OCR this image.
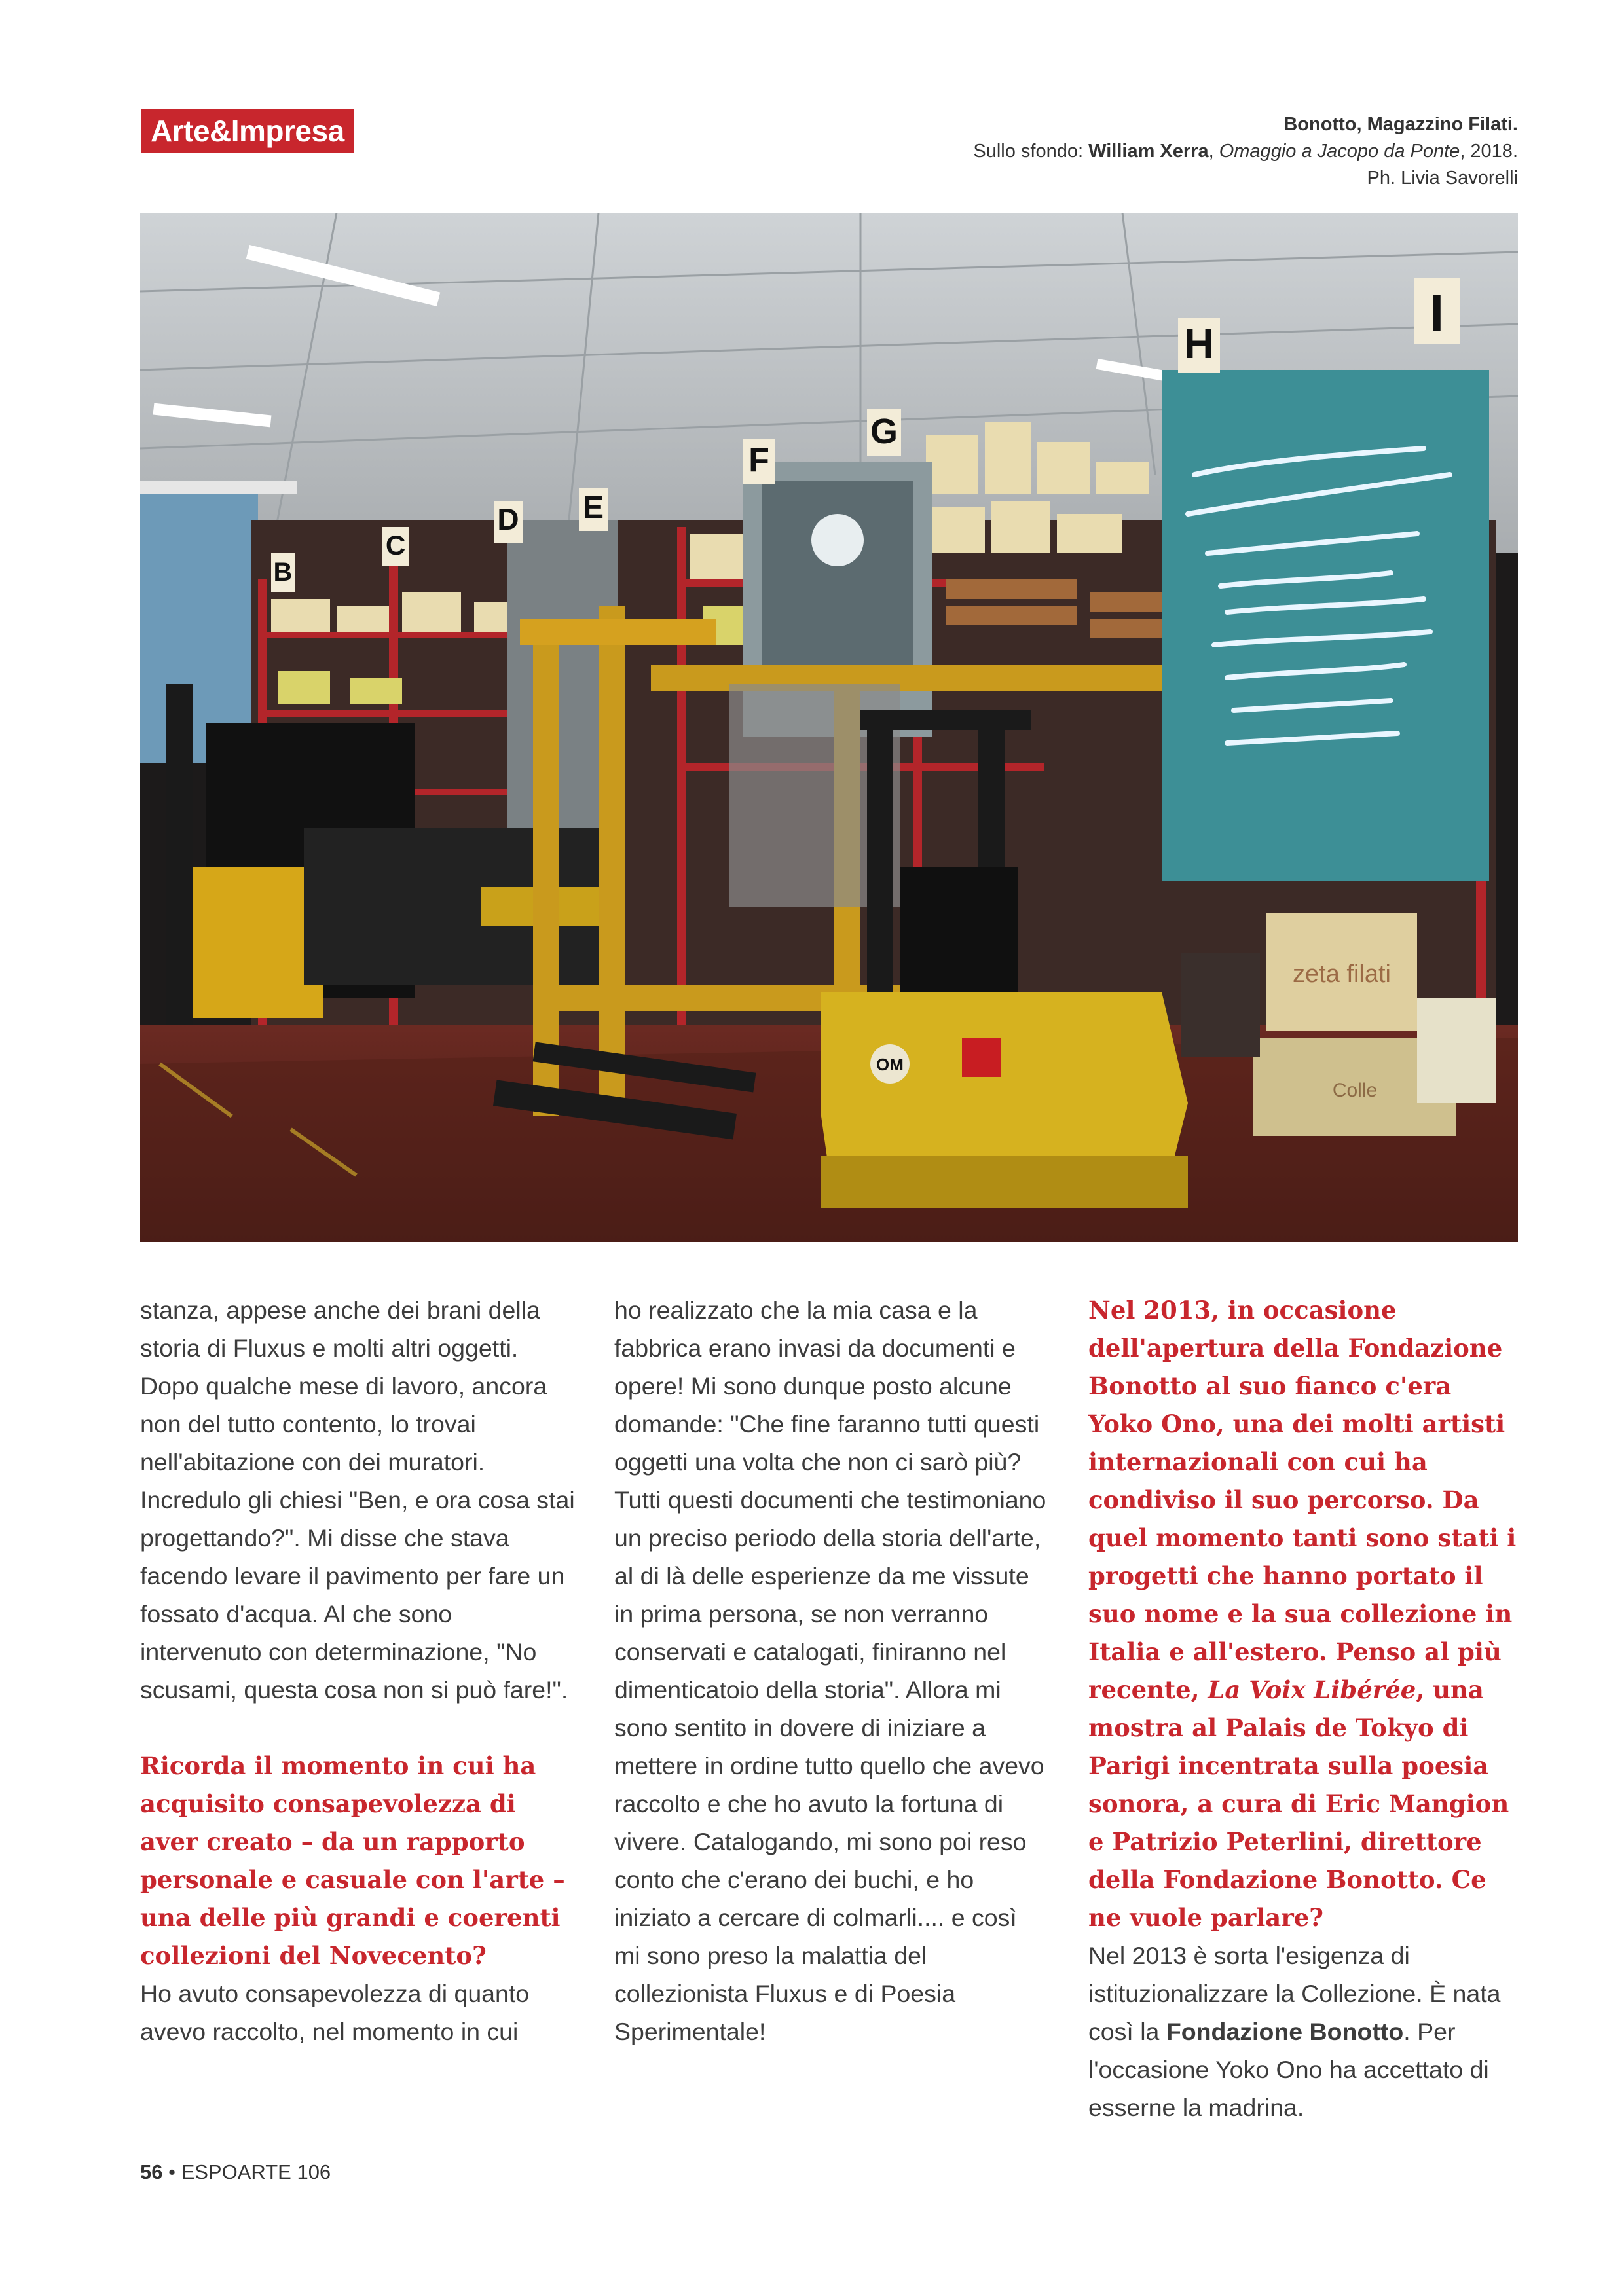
Arte&Impresa	Bonotto, Magazzino Filati.
Sullo sfondo: William Xerra, Omaggio a Jacopo da Ponte, 2018.
Ph. Livia Savorelli
B
C
D E
F
G
H
I
OM
zeta filati
Colle

stanza, appese anche dei brani della storia di Fluxus e molti altri oggetti. Dopo qualche mese di lavoro, ancora non del tutto contento, lo trovai nell'abitazione con dei muratori. Incredulo gli chiesi "Ben, e ora cosa stai progettando?". Mi disse che stava facendo levare il pavimento per fare un fossato d'acqua. Al che sono intervenuto con determinazione, "No scusami, questa cosa non si può fare!".

Ricorda il momento in cui ha acquisito consapevolezza di aver creato – da un rapporto personale e casuale con l'arte – una delle più grandi e coerenti collezioni del Novecento?

Ho avuto consapevolezza di quanto avevo raccolto, nel momento in cui

ho realizzato che la mia casa e la fabbrica erano invasi da documenti e opere! Mi sono dunque posto alcune domande: "Che fine faranno tutti questi oggetti una volta che non ci sarò più? Tutti questi documenti che testimoniano un preciso periodo della storia dell'arte, al di là delle esperienze da me vissute in prima persona, se non verranno conservati e catalogati, finiranno nel dimenticatoio della storia". Allora mi sono sentito in dovere di iniziare a mettere in ordine tutto quello che avevo raccolto e che ho avuto la fortuna di vivere. Catalogando, mi sono poi reso conto che c'erano dei buchi, e ho iniziato a cercare di colmarli.... e così mi sono preso la malattia del collezionista Fluxus e di Poesia Sperimentale!

Nel 2013, in occasione dell'apertura della Fondazione Bonotto al suo fianco c'era Yoko Ono, una dei molti artisti internazionali con cui ha condiviso il suo percorso. Da quel momento tanti sono stati i progetti che hanno portato il suo nome e la sua collezione in Italia e all'estero. Penso al più recente, La Voix Libérée, una mostra al Palais de Tokyo di Parigi incentrata sulla poesia sonora, a cura di Eric Mangion e Patrizio Peterlini, direttore della Fondazione Bonotto. Ce ne vuole parlare?

Nel 2013 è sorta l'esigenza di istituzionalizzare la Collezione. È nata così la Fondazione Bonotto. Per l'occasione Yoko Ono ha accettato di esserne la madrina.

56 • ESPOARTE 106
